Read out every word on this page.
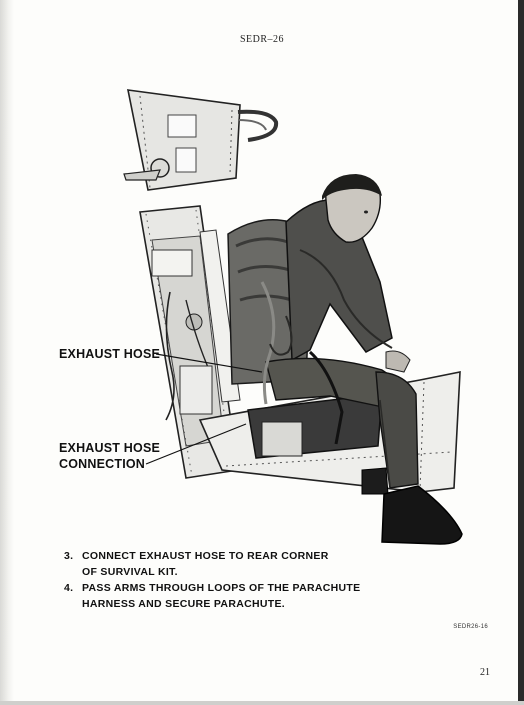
SEDR–26
EXHAUST HOSE
EXHAUST HOSE
CONNECTION
3. CONNECT EXHAUST HOSE TO REAR CORNER
OF SURVIVAL KIT.
4. PASS ARMS THROUGH LOOPS OF THE PARACHUTE
HARNESS AND SECURE PARACHUTE.
SEDR26-16
21
